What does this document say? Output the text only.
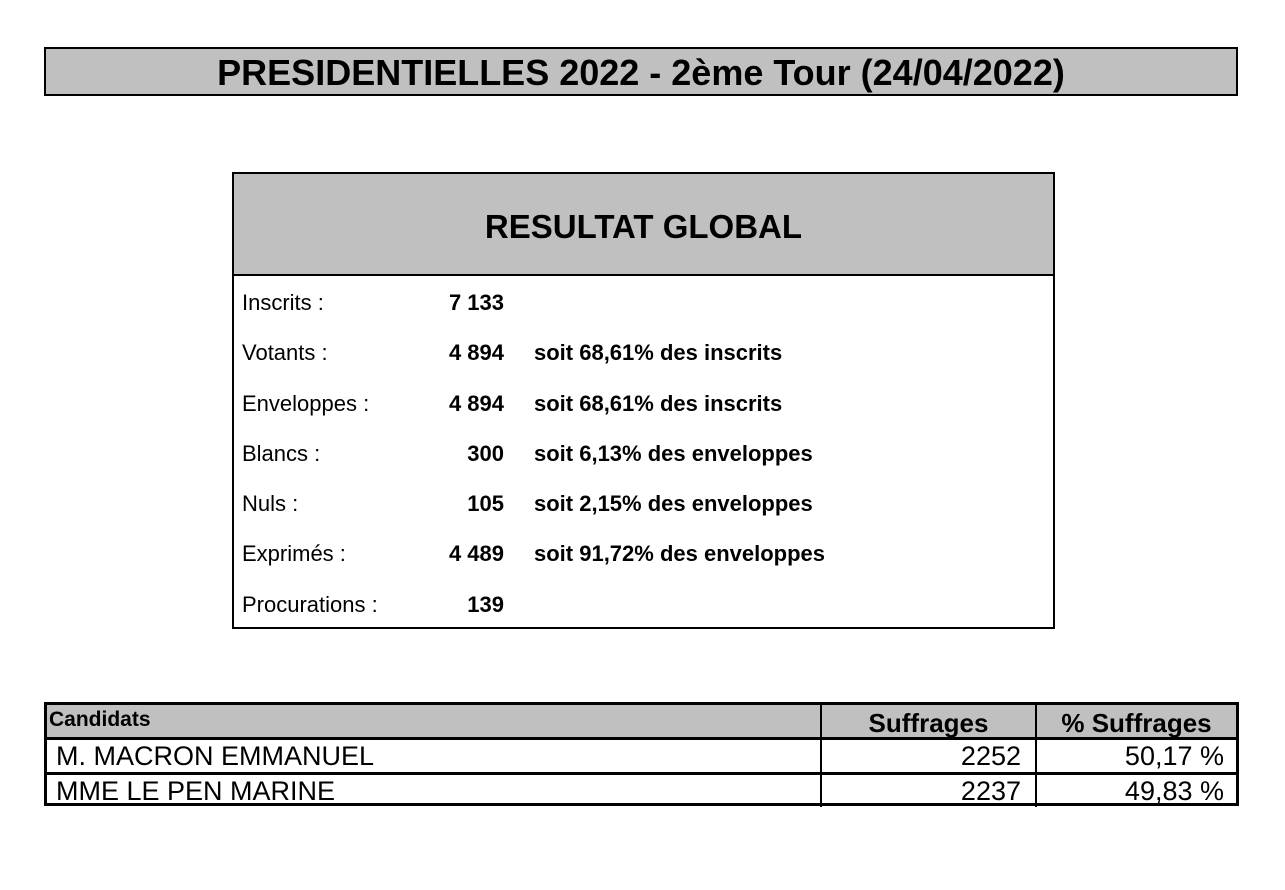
PRESIDENTIELLES 2022 - 2ème Tour (24/04/2022)
RESULTAT GLOBAL
Inscrits :	7 133
Votants :	4 894 soit 68,61% des inscrits
Enveloppes :	4 894 soit 68,61% des inscrits
Blancs :	300 soit 6,13% des enveloppes
Nuls :	105 soit 2,15% des enveloppes
Exprimés :	4 489 soit 91,72% des enveloppes
Procurations :	139
Candidats	Suffrages	% Suffrages
M. MACRON EMMANUEL	2252	50,17 %
MME LE PEN MARINE	2237	49,83 %
